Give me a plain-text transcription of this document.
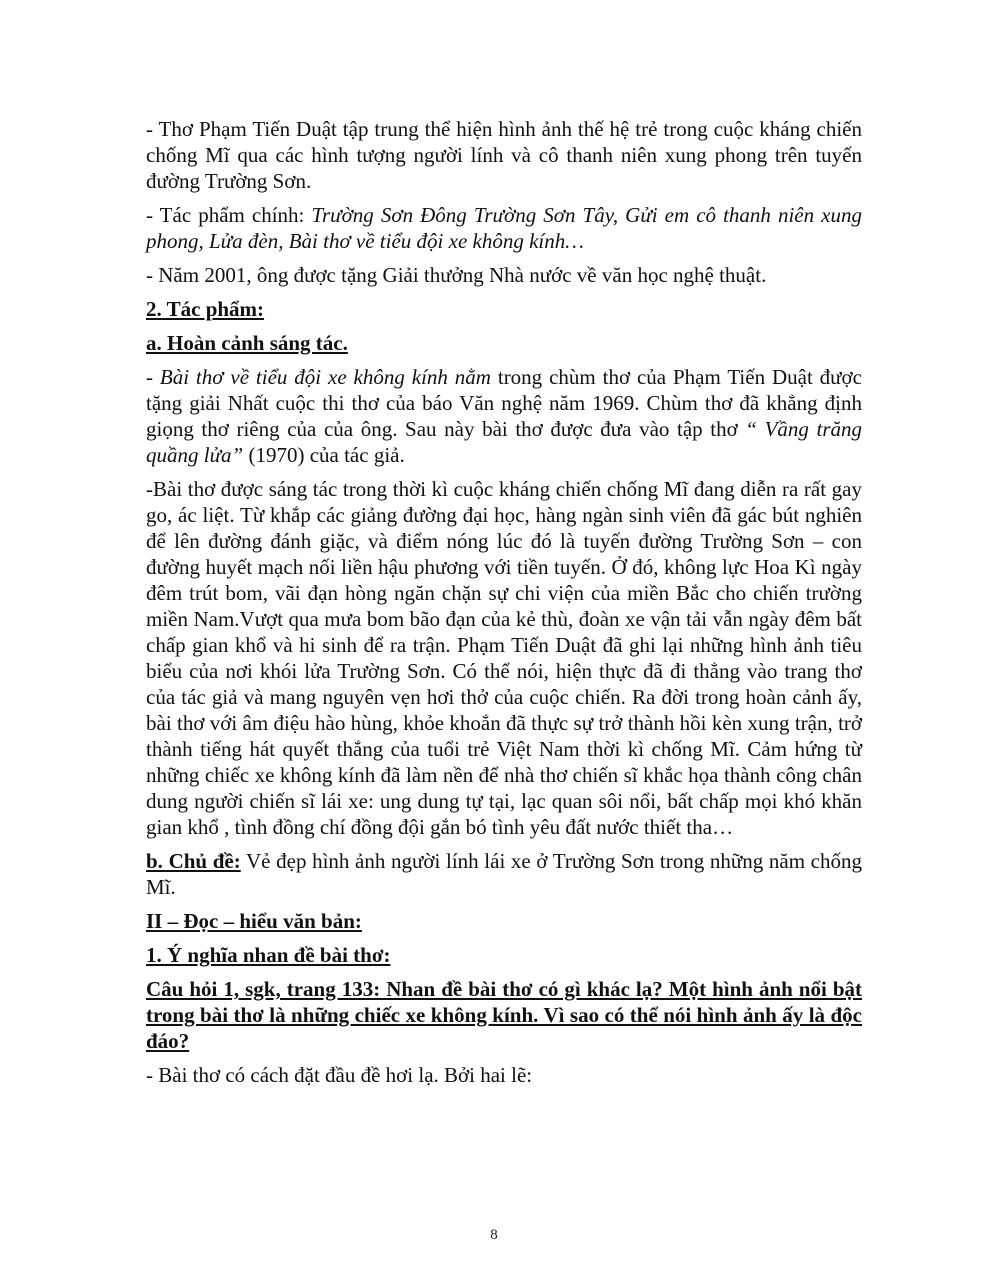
- Thơ Phạm Tiến Duật tập trung thể hiện hình ảnh thế hệ trẻ trong cuộc kháng chiến chống Mĩ qua các hình tượng người lính và cô thanh niên xung phong trên tuyến đường Trường Sơn.

- Tác phẩm chính: Trường Sơn Đông Trường Sơn Tây, Gửi em cô thanh niên xung phong, Lửa đèn, Bài thơ về tiểu đội xe không kính…

- Năm 2001, ông được tặng Giải thưởng Nhà nước về văn học nghệ thuật.

2. Tác phẩm:

a. Hoàn cảnh sáng tác.

- Bài thơ về tiểu đội xe không kính nằm trong chùm thơ của Phạm Tiến Duật được tặng giải Nhất cuộc thi thơ của báo Văn nghệ năm 1969. Chùm thơ đã khẳng định giọng thơ riêng của của ông. Sau này bài thơ được đưa vào tập thơ “ Vầng trăng quầng lửa” (1970) của tác giả.

-Bài thơ được sáng tác trong thời kì cuộc kháng chiến chống Mĩ đang diễn ra rất gay go, ác liệt. Từ khắp các giảng đường đại học, hàng ngàn sinh viên đã gác bút nghiên để lên đường đánh giặc, và điểm nóng lúc đó là tuyến đường Trường Sơn – con đường huyết mạch nối liền hậu phương với tiền tuyến. Ở đó, không lực Hoa Kì ngày đêm trút bom, vãi đạn hòng ngăn chặn sự chi viện của miền Bắc cho chiến trường miền Nam.Vượt qua mưa bom bão đạn của kẻ thù, đoàn xe vận tải vẫn ngày đêm bất chấp gian khổ và hi sinh để ra trận. Phạm Tiến Duật đã ghi lại những hình ảnh tiêu biểu của nơi khói lửa Trường Sơn. Có thể nói, hiện thực đã đi thẳng vào trang thơ của tác giả và mang nguyên vẹn hơi thở của cuộc chiến. Ra đời trong hoàn cảnh ấy, bài thơ với âm điệu hào hùng, khỏe khoắn đã thực sự trở thành hồi kèn xung trận, trở thành tiếng hát quyết thắng của tuổi trẻ Việt Nam thời kì chống Mĩ. Cảm hứng từ những chiếc xe không kính đã làm nền để nhà thơ chiến sĩ khắc họa thành công chân dung người chiến sĩ lái xe: ung dung tự tại, lạc quan sôi nổi, bất chấp mọi khó khăn gian khổ , tình đồng chí đồng đội gắn bó tình yêu đất nước thiết tha…

b. Chủ đề: Vẻ đẹp hình ảnh người lính lái xe ở Trường Sơn trong những năm chống Mĩ.

II – Đọc – hiểu văn bản:

1. Ý nghĩa nhan đề bài thơ:

Câu hỏi 1, sgk, trang 133: Nhan đề bài thơ có gì khác lạ? Một hình ảnh nổi bật trong bài thơ là những chiếc xe không kính. Vì sao có thể nói hình ảnh ấy là độc đáo?

- Bài thơ có cách đặt đầu đề hơi lạ. Bởi hai lẽ:

8
